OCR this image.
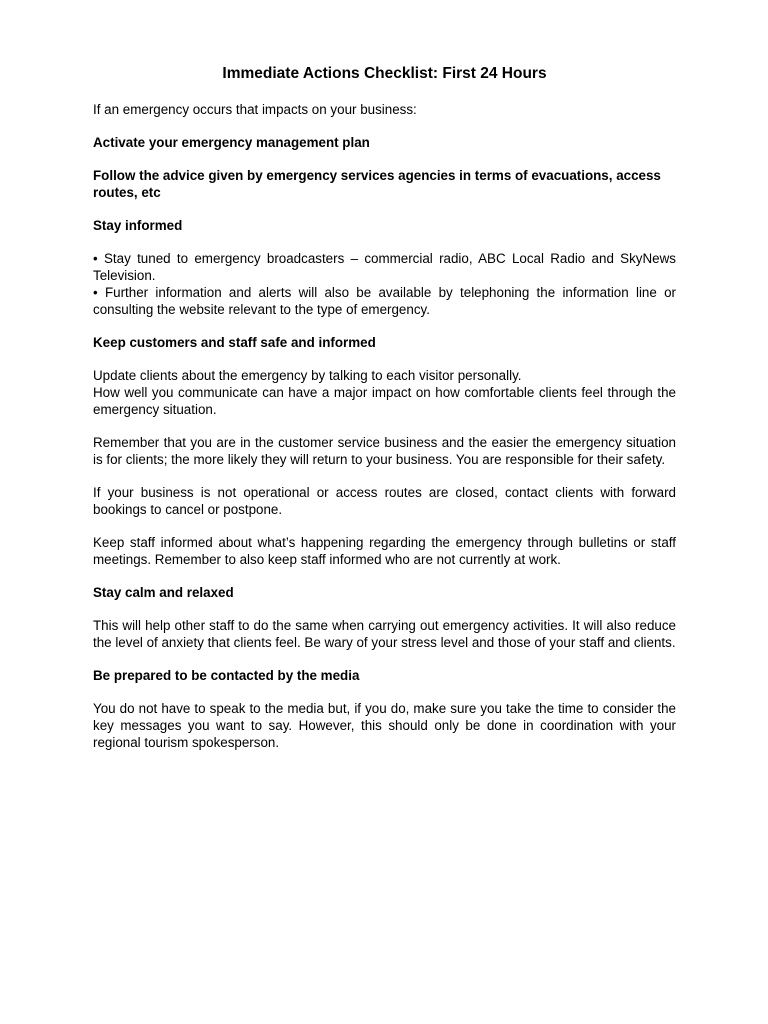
Immediate Actions Checklist: First 24 Hours
If an emergency occurs that impacts on your business:
Activate your emergency management plan
Follow the advice given by emergency services agencies in terms of evacuations, access routes, etc
Stay informed
• Stay tuned to emergency broadcasters – commercial radio, ABC Local Radio and SkyNews Television.
• Further information and alerts will also be available by telephoning the information line or consulting the website relevant to the type of emergency.
Keep customers and staff safe and informed
Update clients about the emergency by talking to each visitor personally.
How well you communicate can have a major impact on how comfortable clients feel through the emergency situation.
Remember that you are in the customer service business and the easier the emergency situation is for clients; the more likely they will return to your business. You are responsible for their safety.
If your business is not operational or access routes are closed, contact clients with forward bookings to cancel or postpone.
Keep staff informed about what’s happening regarding the emergency through bulletins or staff meetings. Remember to also keep staff informed who are not currently at work.
Stay calm and relaxed
This will help other staff to do the same when carrying out emergency activities. It will also reduce the level of anxiety that clients feel. Be wary of your stress level and those of your staff and clients.
Be prepared to be contacted by the media
You do not have to speak to the media but, if you do, make sure you take the time to consider the key messages you want to say. However, this should only be done in coordination with your regional tourism spokesperson.
